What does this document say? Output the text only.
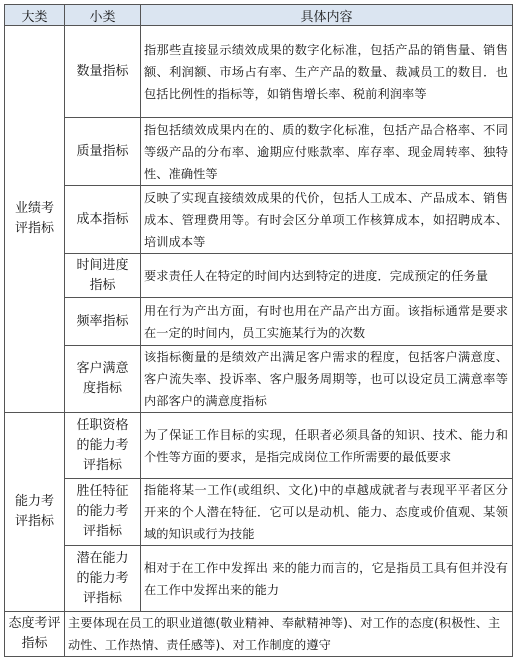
大类	小类	具体内容
业绩考评指标	数量指标	指那些直接显示绩效成果的数字化标准，包括产品的销售量、销售额、利润额、市场占有率、生产产品的数量、裁减员工的数目．也包括比例性的指标等，如销售增长率、税前利润率等
	质量指标	指包括绩效成果内在的、质的数字化标准，包括产品合格率、不同等级产品的分布率、逾期应付账款率、库存率、现金周转率、独特性、准确性等
	成本指标	反映了实现直接绩效成果的代价，包括人工成本、产品成本、销售成本、管理费用等。有时会区分单项工作核算成本，如招聘成本、培训成本等
	时间进度指标	要求责任人在特定的时间内达到特定的进度．完成预定的任务量
	频率指标	用在行为产出方面，有时也用在产品产出方面。该指标通常是要求在一定的时间内，员工实施某行为的次数
	客户满意度指标	该指标衡量的是绩效产出满足客户需求的程度，包括客户满意度、客户流失率、投诉率、客户服务周期等，也可以设定员工满意率等内部客户的满意度指标
能力考评指标	任职资格的能力考评指标	为了保证工作目标的实现，任职者必须具备的知识、技术、能力和个性等方面的要求，是指完成岗位工作所需要的最低要求
	胜任特征的能力考评指标	指能将某一工作(或组织、文化)中的卓越成就者与表现平平者区分开来的个人潜在特征．它可以是动机、能力、态度或价值观、某领域的知识或行为技能
	潜在能力的能力考评指标	相对于在工作中发挥出 来的能力而言的，它是指员工具有但并没有在工作中发挥出来的能力
态度考评指标	主要体现在员工的职业道德(敬业精神、奉献精神等)、对工作的态度(积极性、主动性、工作热情、责任感等)、对工作制度的遵守	
